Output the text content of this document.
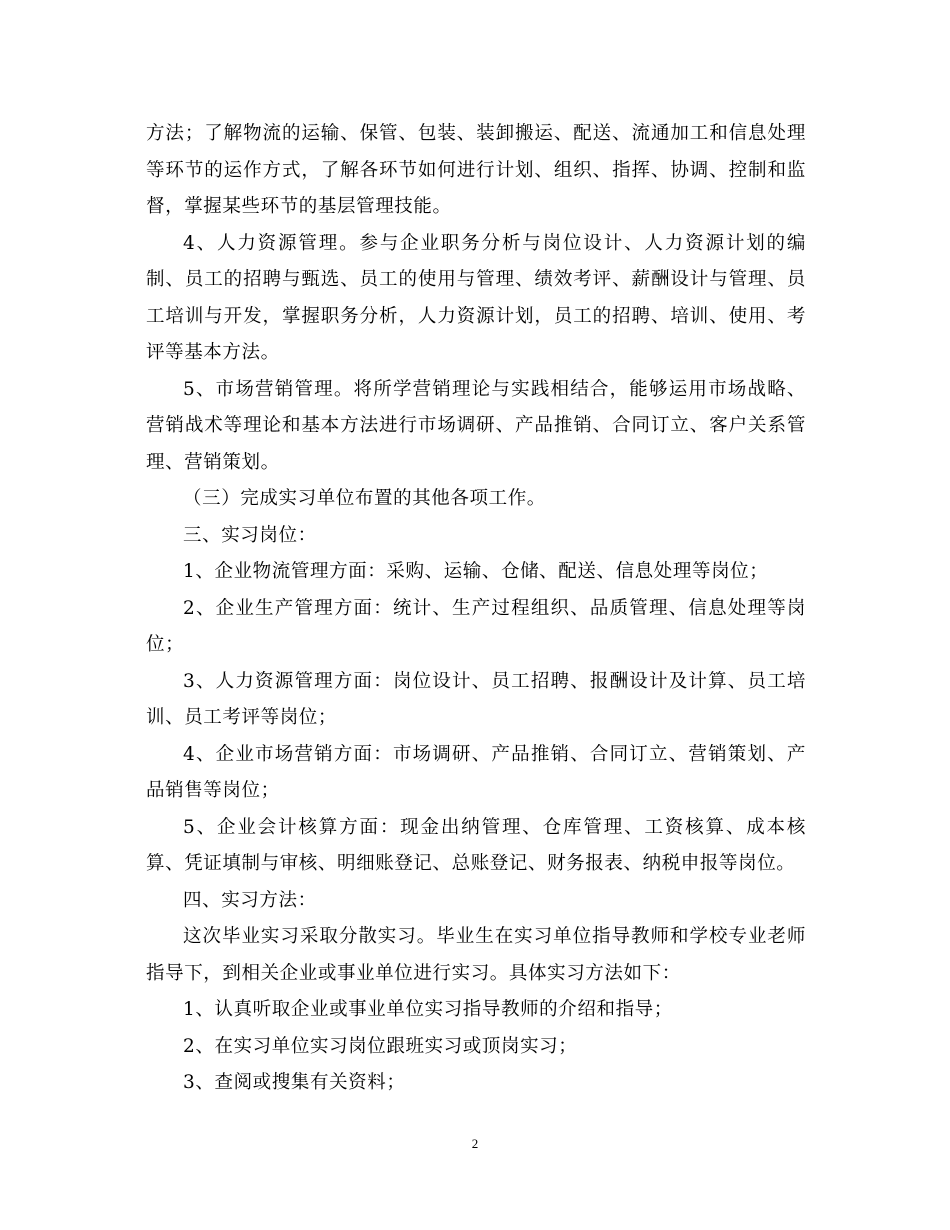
方法；了解物流的运输、保管、包装、装卸搬运、配送、流通加工和信息处理等环节的运作方式，了解各环节如何进行计划、组织、指挥、协调、控制和监督，掌握某些环节的基层管理技能。

4、人力资源管理。参与企业职务分析与岗位设计、人力资源计划的编制、员工的招聘与甄选、员工的使用与管理、绩效考评、薪酬设计与管理、员工培训与开发，掌握职务分析，人力资源计划，员工的招聘、培训、使用、考评等基本方法。

5、市场营销管理。将所学营销理论与实践相结合，能够运用市场战略、营销战术等理论和基本方法进行市场调研、产品推销、合同订立、客户关系管理、营销策划。

（三）完成实习单位布置的其他各项工作。

三、实习岗位：

1、企业物流管理方面：采购、运输、仓储、配送、信息处理等岗位；

2、企业生产管理方面：统计、生产过程组织、品质管理、信息处理等岗位；

3、人力资源管理方面：岗位设计、员工招聘、报酬设计及计算、员工培训、员工考评等岗位；

4、企业市场营销方面：市场调研、产品推销、合同订立、营销策划、产品销售等岗位；

5、企业会计核算方面：现金出纳管理、仓库管理、工资核算、成本核算、凭证填制与审核、明细账登记、总账登记、财务报表、纳税申报等岗位。

四、实习方法：

这次毕业实习采取分散实习。毕业生在实习单位指导教师和学校专业老师指导下，到相关企业或事业单位进行实习。具体实习方法如下：

1、认真听取企业或事业单位实习指导教师的介绍和指导；

2、在实习单位实习岗位跟班实习或顶岗实习；

3、查阅或搜集有关资料；

2
